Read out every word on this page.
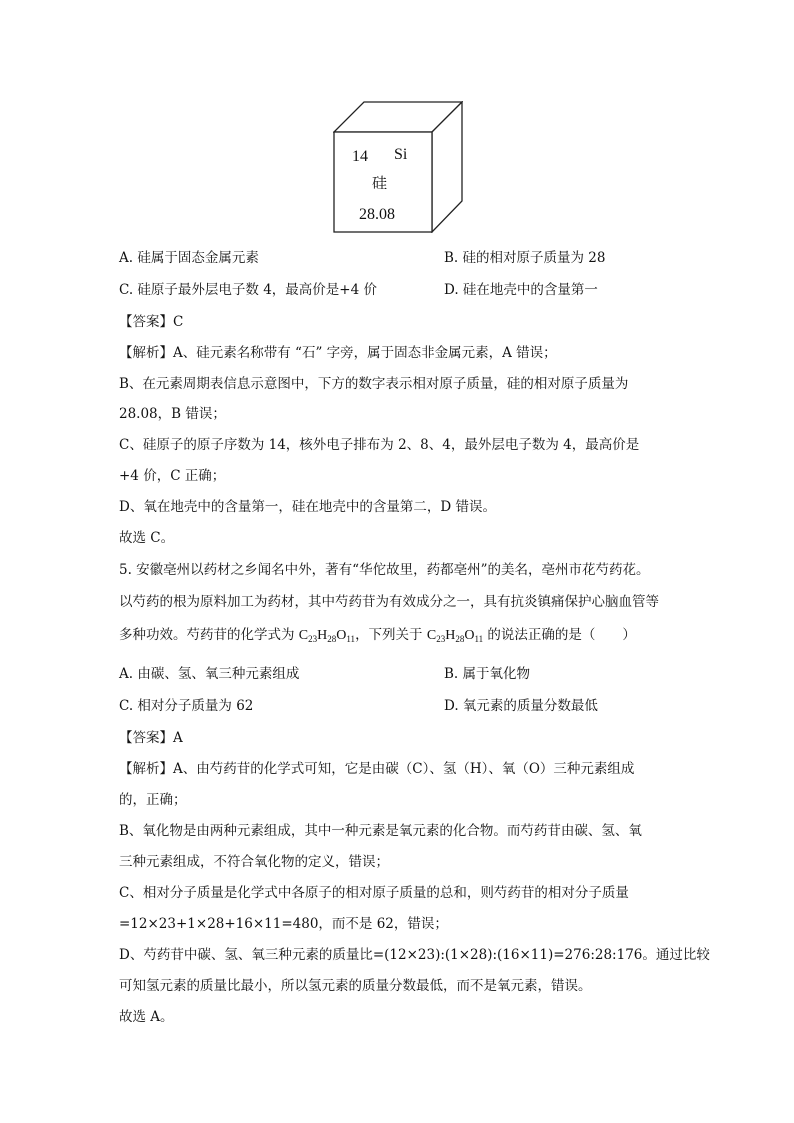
14 Si
硅
28.08
A. 硅属于固态金属元素	B. 硅的相对原子质量为 28
C. 硅原子最外层电子数 4，最高价是+4 价	D. 硅在地壳中的含量第一
【答案】C
【解析】A、硅元素名称带有 “石” 字旁，属于固态非金属元素，A 错误；
B、在元素周期表信息示意图中，下方的数字表示相对原子质量，硅的相对原子质量为
28.08，B 错误；
C、硅原子的原子序数为 14，核外电子排布为 2、8、4，最外层电子数为 4，最高价是
+4 价，C 正确；
D、氧在地壳中的含量第一，硅在地壳中的含量第二，D 错误。
故选 C。
5. 安徽亳州以药材之乡闻名中外，著有“华佗故里，药都亳州”的美名，亳州市花芍药花。
以芍药的根为原料加工为药材，其中芍药苷为有效成分之一，具有抗炎镇痛保护心脑血管等
多种功效。芍药苷的化学式为 $C_{23}H_{28}O_{11}$，下列关于 $C_{23}H_{28}O_{11}$ 的说法正确的是（　　）
A. 由碳、氢、氧三种元素组成	B. 属于氧化物
C. 相对分子质量为 62	D. 氧元素的质量分数最低
【答案】A
【解析】A、由芍药苷的化学式可知，它是由碳（C）、氢（H）、氧（O）三种元素组成
的，正确；
B、氧化物是由两种元素组成，其中一种元素是氧元素的化合物。而芍药苷由碳、氢、氧
三种元素组成，不符合氧化物的定义，错误；
C、相对分子质量是化学式中各原子的相对原子质量的总和，则芍药苷的相对分子质量
=12×23+1×28+16×11=480，而不是 62，错误；
D、芍药苷中碳、氢、氧三种元素的质量比=(12×23):(1×28):(16×11)=276:28:176。通过比较
可知氢元素的质量比最小，所以氢元素的质量分数最低，而不是氧元素，错误。
故选 A。
